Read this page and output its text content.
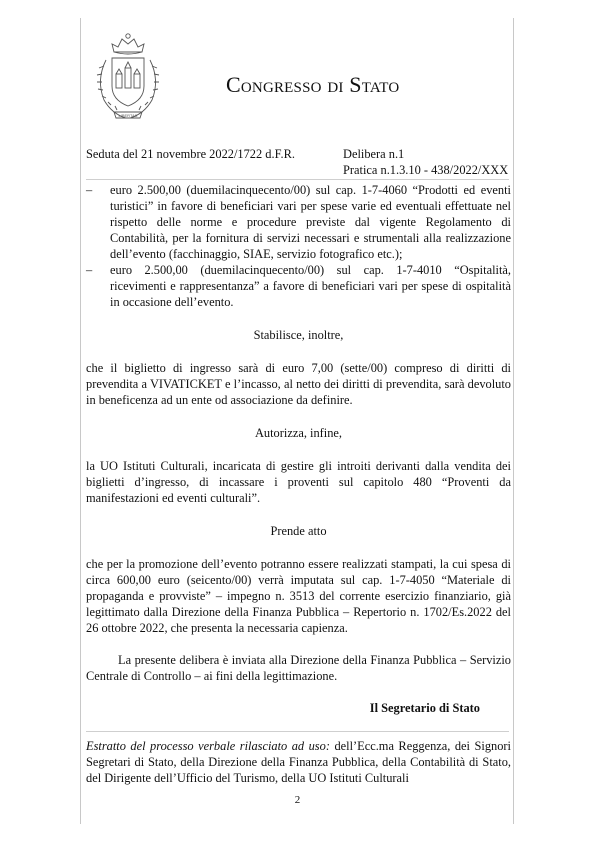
LIBERTAS
Congresso di Stato
Seduta del 21 novembre 2022/1722 d.F.R.	Delibera n.1
Pratica n.1.3.10 - 438/2022/XXX
–	euro 2.500,00 (duemilacinquecento/00) sul cap. 1-7-4060 “Prodotti ed eventi turistici” in favore di beneficiari vari per spese varie ed eventuali effettuate nel rispetto delle norme e procedure previste dal vigente Regolamento di Contabilità, per la fornitura di servizi necessari e strumentali alla realizzazione dell’evento (facchinaggio, SIAE, servizio fotografico etc.);
–	euro 2.500,00 (duemilacinquecento/00) sul cap. 1-7-4010 “Ospitalità, ricevimenti e rappresentanza” a favore di beneficiari vari per spese di ospitalità in occasione dell’evento.

Stabilisce, inoltre,

che il biglietto di ingresso sarà di euro 7,00 (sette/00) compreso di diritti di prevendita a VIVATICKET e l’incasso, al netto dei diritti di prevendita, sarà devoluto in beneficenza ad un ente od associazione da definire.

Autorizza, infine,

la UO Istituti Culturali, incaricata di gestire gli introiti derivanti dalla vendita dei biglietti d’ingresso, di incassare i proventi sul capitolo 480 “Proventi da manifestazioni ed eventi culturali”.

Prende atto

che per la promozione dell’evento potranno essere realizzati stampati, la cui spesa di circa 600,00 euro (seicento/00) verrà imputata sul cap. 1-7-4050 “Materiale di propaganda e provviste” – impegno n. 3513 del corrente esercizio finanziario, già legittimato dalla Direzione della Finanza Pubblica – Repertorio n. 1702/Es.2022 del 26 ottobre 2022, che presenta la necessaria capienza.

La presente delibera è inviata alla Direzione della Finanza Pubblica – Servizio Centrale di Controllo – ai fini della legittimazione.

Il Segretario di Stato

Estratto del processo verbale rilasciato ad uso: dell’Ecc.ma Reggenza, dei Signori Segretari di Stato, della Direzione della Finanza Pubblica, della Contabilità di Stato, del Dirigente dell’Ufficio del Turismo, della UO Istituti Culturali
2
